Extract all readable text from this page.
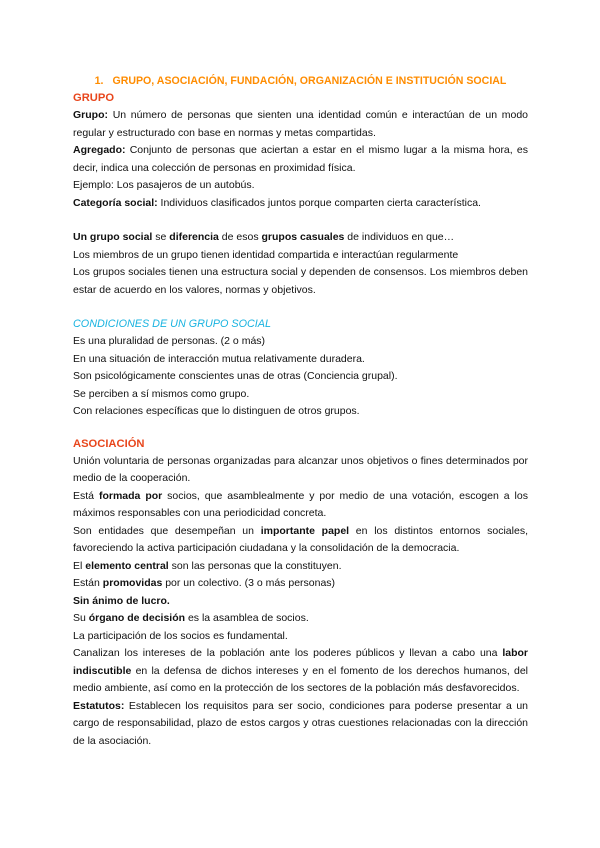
1. GRUPO, ASOCIACIÓN, FUNDACIÓN, ORGANIZACIÓN E INSTITUCIÓN SOCIAL
GRUPO

Grupo: Un número de personas que sienten una identidad común e interactúan de un modo regular y estructurado con base en normas y metas compartidas.

Agregado: Conjunto de personas que aciertan a estar en el mismo lugar a la misma hora, es decir, indica una colección de personas en proximidad física.

Ejemplo: Los pasajeros de un autobús.

Categoría social: Individuos clasificados juntos porque comparten cierta característica.

Un grupo social se diferencia de esos grupos casuales de individuos en que…

Los miembros de un grupo tienen identidad compartida e interactúan regularmente

Los grupos sociales tienen una estructura social y dependen de consensos. Los miembros deben estar de acuerdo en los valores, normas y objetivos.

CONDICIONES DE UN GRUPO SOCIAL

Es una pluralidad de personas. (2 o más)

En una situación de interacción mutua relativamente duradera.

Son psicológicamente conscientes unas de otras (Conciencia grupal).

Se perciben a sí mismos como grupo.

Con relaciones específicas que lo distinguen de otros grupos.

ASOCIACIÓN

Unión voluntaria de personas organizadas para alcanzar unos objetivos o fines determinados por medio de la cooperación.

Está formada por socios, que asamblealmente y por medio de una votación, escogen a los máximos responsables con una periodicidad concreta.

Son entidades que desempeñan un importante papel en los distintos entornos sociales, favoreciendo la activa participación ciudadana y la consolidación de la democracia.

El elemento central son las personas que la constituyen.

Están promovidas por un colectivo. (3 o más personas)

Sin ánimo de lucro.

Su órgano de decisión es la asamblea de socios.

La participación de los socios es fundamental.

Canalizan los intereses de la población ante los poderes públicos y llevan a cabo una labor indiscutible en la defensa de dichos intereses y en el fomento de los derechos humanos, del medio ambiente, así como en la protección de los sectores de la población más desfavorecidos.

Estatutos: Establecen los requisitos para ser socio, condiciones para poderse presentar a un cargo de responsabilidad, plazo de estos cargos y otras cuestiones relacionadas con la dirección de la asociación.
